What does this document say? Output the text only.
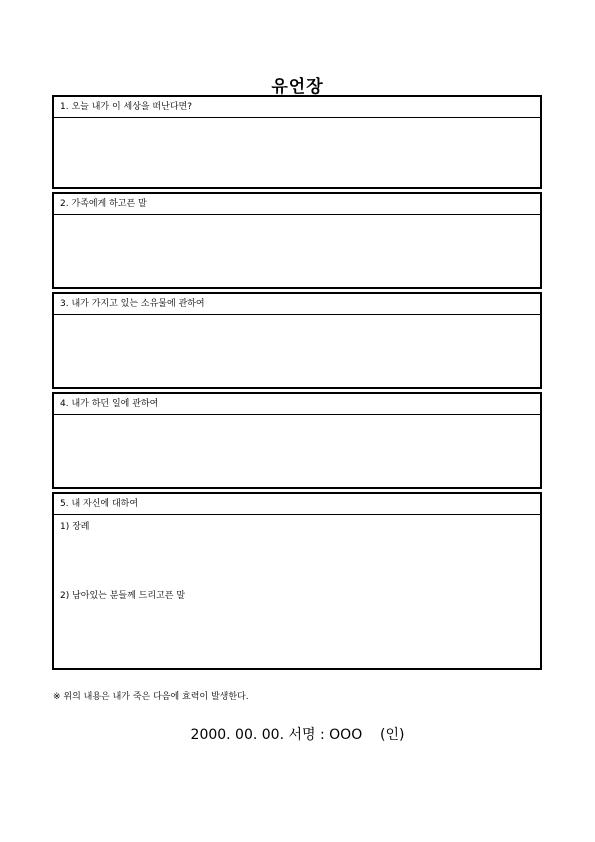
유언장
1. 오늘 내가 이 세상을 떠난다면?
2. 가족에게 하고픈 말
3. 내가 가지고 있는 소유물에 관하여
4. 내가 하던 일에 관하여
5. 내 자신에 대하여
1) 장례
2) 남아있는 분들께 드리고픈 말
※ 위의 내용은 내가 죽은 다음에 효력이 발생한다.
2000. 00. 00. 서명 : OOO    (인)
